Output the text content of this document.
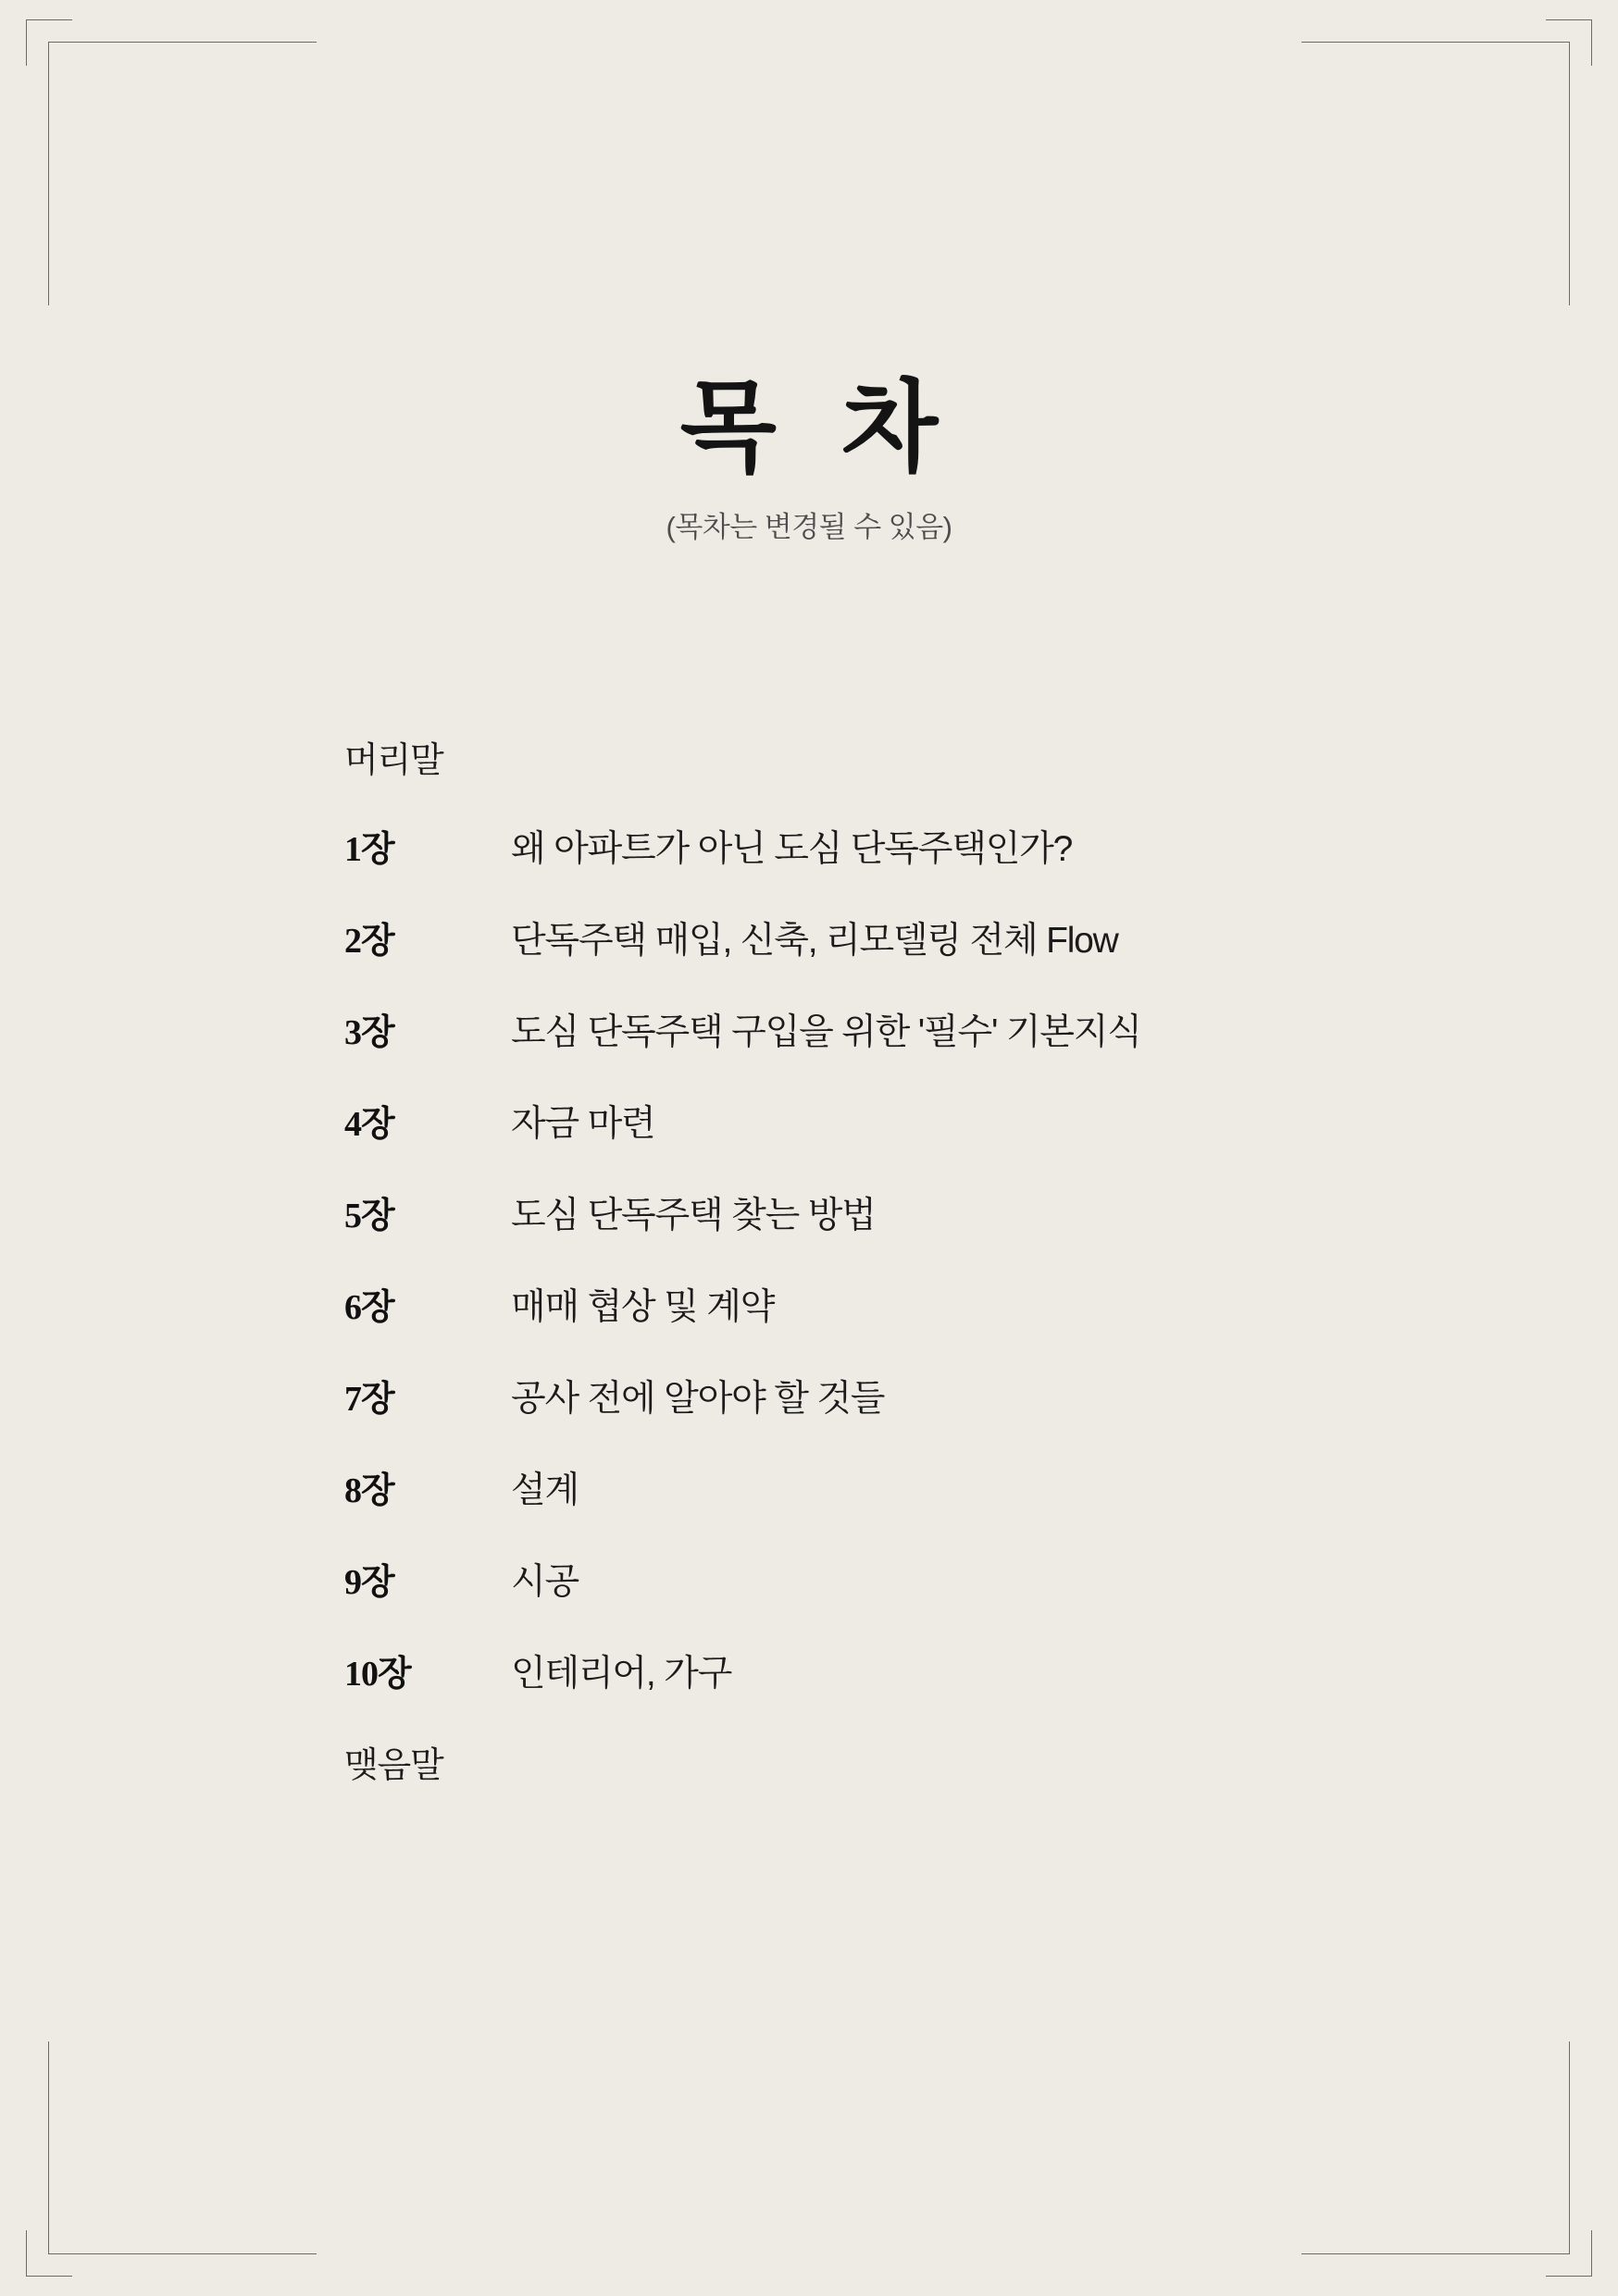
목 차

(목차는 변경될 수 있음)

머리말
1장	왜 아파트가 아닌 도심 단독주택인가?
2장	단독주택 매입, 신축, 리모델링 전체 Flow
3장	도심 단독주택 구입을 위한 '필수' 기본지식
4장	자금 마련
5장	도심 단독주택 찾는 방법
6장	매매 협상 및 계약
7장	공사 전에 알아야 할 것들
8장	설계
9장	시공
10장	인테리어, 가구
맺음말
